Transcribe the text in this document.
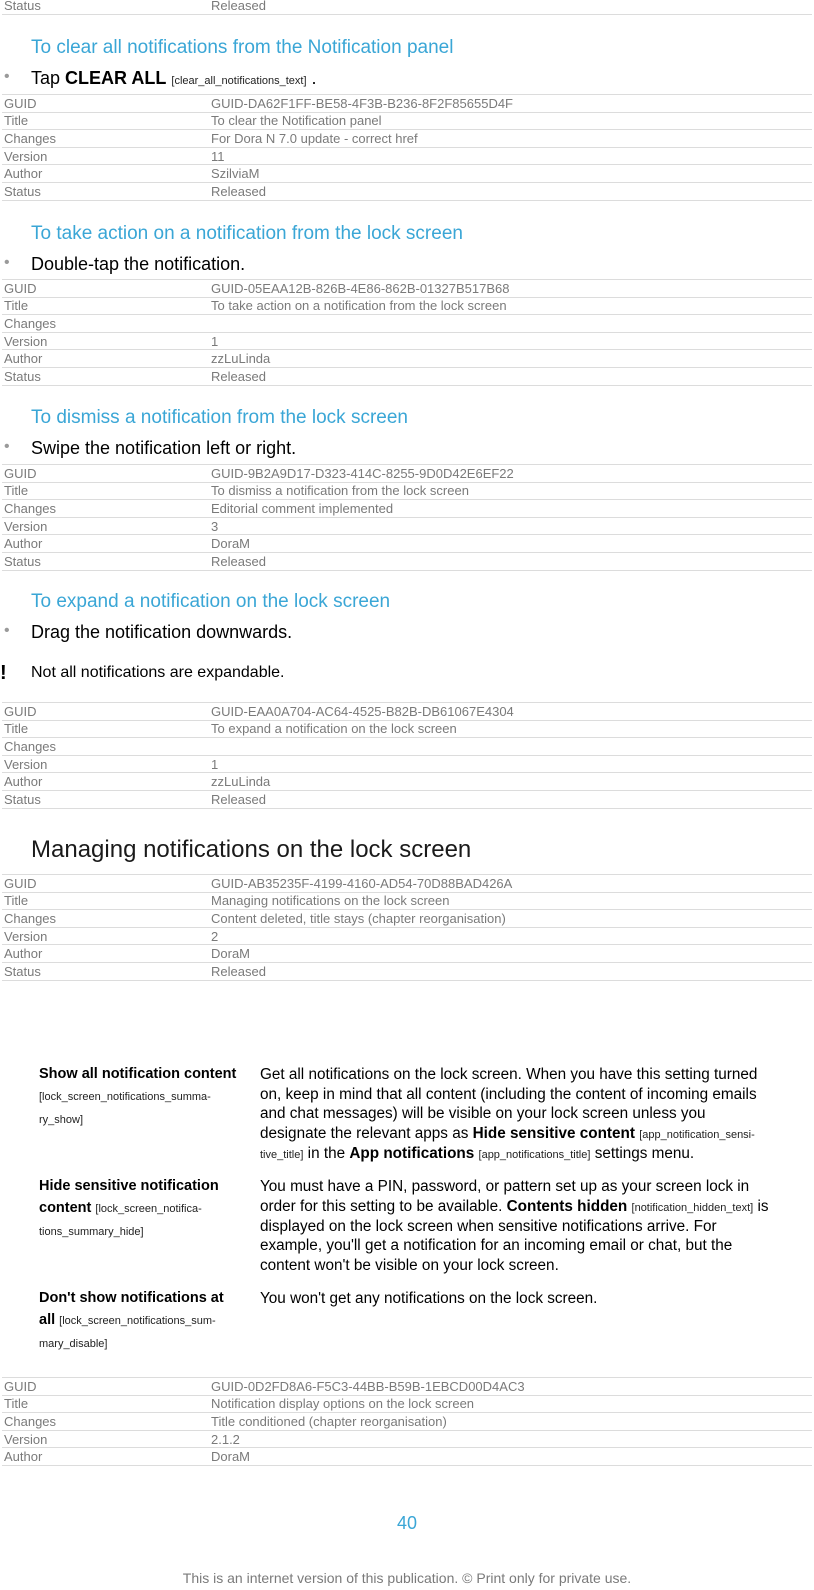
Status	Released
To clear all notifications from the Notification panel
• Tap CLEAR ALL [clear_all_notifications_text] .
GUID	GUID-DA62F1FF-BE58-4F3B-B236-8F2F85655D4F
Title	To clear the Notification panel
Changes	For Dora N 7.0 update - correct href
Version	11
Author	SzilviaM
Status	Released
To take action on a notification from the lock screen
• Double-tap the notification.
GUID	GUID-05EAA12B-826B-4E86-862B-01327B517B68
Title	To take action on a notification from the lock screen
Changes	
Version	1
Author	zzLuLinda
Status	Released
To dismiss a notification from the lock screen
• Swipe the notification left or right.
GUID	GUID-9B2A9D17-D323-414C-8255-9D0D42E6EF22
Title	To dismiss a notification from the lock screen
Changes	Editorial comment implemented
Version	3
Author	DoraM
Status	Released
To expand a notification on the lock screen
• Drag the notification downwards.
! Not all notifications are expandable.
GUID	GUID-EAA0A704-AC64-4525-B82B-DB61067E4304
Title	To expand a notification on the lock screen
Changes	
Version	1
Author	zzLuLinda
Status	Released
Managing notifications on the lock screen
GUID	GUID-AB35235F-4199-4160-AD54-70D88BAD426A
Title	Managing notifications on the lock screen
Changes	Content deleted, title stays (chapter reorganisation)
Version	2
Author	DoraM
Status	Released
Show all notification content
[lock_screen_notifications_summa-
ry_show]
Get all notifications on the lock screen. When you have this setting turned
on, keep in mind that all content (including the content of incoming emails
and chat messages) will be visible on your lock screen unless you
designate the relevant apps as Hide sensitive content [app_notification_sensi-
tive_title] in the App notifications [app_notifications_title] settings menu.
Hide sensitive notification
content [lock_screen_notifica-
tions_summary_hide]
You must have a PIN, password, or pattern set up as your screen lock in
order for this setting to be available. Contents hidden [notification_hidden_text] is
displayed on the lock screen when sensitive notifications arrive. For
example, you'll get a notification for an incoming email or chat, but the
content won't be visible on your lock screen.
Don't show notifications at
all [lock_screen_notifications_sum-
mary_disable]
You won't get any notifications on the lock screen.
GUID	GUID-0D2FD8A6-F5C3-44BB-B59B-1EBCD00D4AC3
Title	Notification display options on the lock screen
Changes	Title conditioned (chapter reorganisation)
Version	2.1.2
Author	DoraM
40
This is an internet version of this publication. © Print only for private use.
